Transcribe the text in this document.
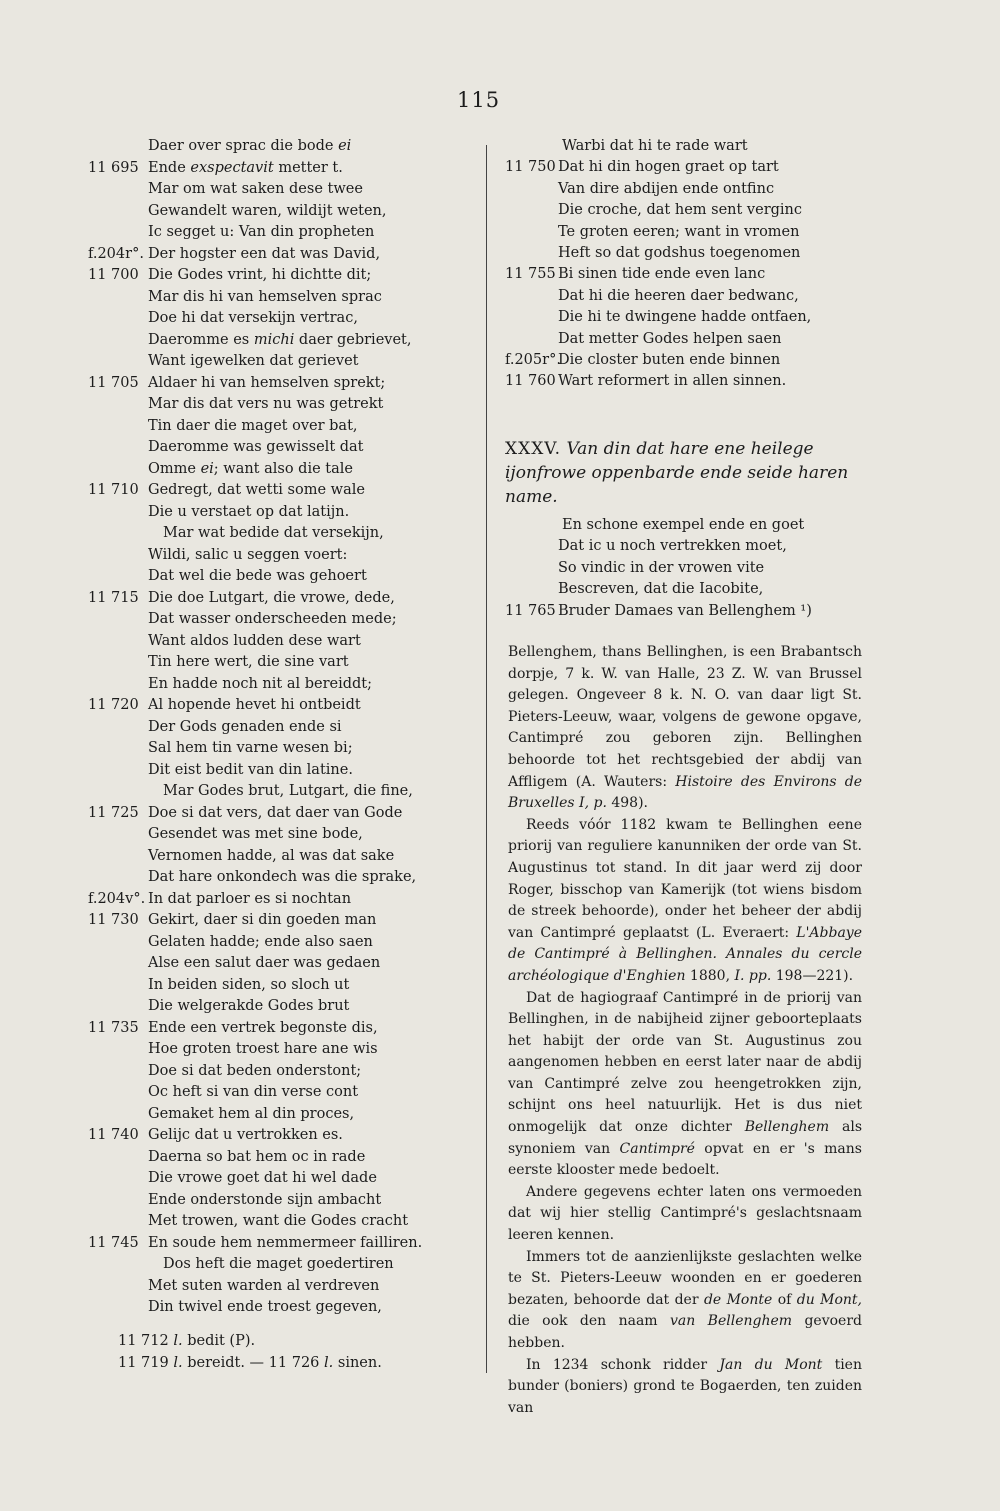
115
Daer over sprac die bode ei
11 695 Ende exspectavit metter t.
Mar om wat saken dese twee
Gewandelt waren, wildijt weten,
Ic segget u: Van din propheten
f.204r°. Der hogster een dat was David,
11 700 Die Godes vrint, hi dichtte dit;
Mar dis hi van hemselven sprac
Doe hi dat versekijn vertrac,
Daeromme es michi daer gebrievet,
Want igewelken dat gerievet
11 705 Aldaer hi van hemselven sprekt;
Mar dis dat vers nu was getrekt
Tin daer die maget over bat,
Daeromme was gewisselt dat
Omme ei; want also die tale
11 710 Gedregt, dat wetti some wale
Die u verstaet op dat latijn.
Mar wat bedide dat versekijn,
Wildi, salic u seggen voert:
Dat wel die bede was gehoert
11 715 Die doe Lutgart, die vrowe, dede,
Dat wasser onderscheeden mede;
Want aldos ludden dese wart
Tin here wert, die sine vart
En hadde noch nit al bereiddt;
11 720 Al hopende hevet hi ontbeidt
Der Gods genaden ende si
Sal hem tin varne wesen bi;
Dit eist bedit van din latine.
Mar Godes brut, Lutgart, die fine,
11 725 Doe si dat vers, dat daer van Gode
Gesendet was met sine bode,
Vernomen hadde, al was dat sake
Dat hare onkondech was die sprake,
f.204v°. In dat parloer es si nochtan
11 730 Gekirt, daer si din goeden man
Gelaten hadde; ende also saen
Alse een salut daer was gedaen
In beiden siden, so sloch ut
Die welgerakde Godes brut
11 735 Ende een vertrek begonste dis,
Hoe groten troest hare ane wis
Doe si dat beden onderstont;
Oc heft si van din verse cont
Gemaket hem al din proces,
11 740 Gelijc dat u vertrokken es.
Daerna so bat hem oc in rade
Die vrowe goet dat hi wel dade
Ende onderstonde sijn ambacht
Met trowen, want die Godes cracht
11 745 En soude hem nemmermeer failliren.
Dos heft die maget goedertiren
Met suten warden al verdreven
Din twivel ende troest gegeven,
11 712 l. bedit (P).
11 719 l. bereidt. — 11 726 l. sinen.
Warbi dat hi te rade wart
11 750 Dat hi din hogen graet op tart
Van dire abdijen ende ontfinc
Die croche, dat hem sent verginc
Te groten eeren; want in vromen
Heft so dat godshus toegenomen
11 755 Bi sinen tide ende even lanc
Dat hi die heeren daer bedwanc,
Die hi te dwingene hadde ontfaen,
Dat metter Godes helpen saen
f.205r°.
Die closter buten ende binnen
11 760 Wart reformert in allen sinnen.
XXXV. Van din dat hare ene heilege
ijonfrowe oppenbarde ende seide haren name.
En schone exempel ende en goet
Dat ic u noch vertrekken moet,
So vindic in der vrowen vite
Bescreven, dat die Iacobite,
11 765 Bruder Damaes van Bellenghem ¹)

Bellenghem, thans Bellinghen, is een Brabantsch dorpje, 7 k. W. van Halle, 23 Z. W. van Brussel gelegen. Ongeveer 8 k. N. O. van daar ligt St. Pieters-Leeuw, waar, volgens de gewone opgave, Cantimpré zou geboren zijn. Bellinghen behoorde tot het rechtsgebied der abdij van Affligem (A. Wauters: Histoire des Environs de Bruxelles I, p. 498).

Reeds vóór 1182 kwam te Bellinghen eene priorij van reguliere kanunniken der orde van St. Augustinus tot stand. In dit jaar werd zij door Roger, bisschop van Kamerijk (tot wiens bisdom de streek behoorde), onder het beheer der abdij van Cantimpré geplaatst (L. Everaert: L'Abbaye de Cantimpré à Bellinghen. Annales du cercle archéologique d'Enghien 1880, I. pp. 198—221).

Dat de hagiograaf Cantimpré in de priorij van Bellinghen, in de nabijheid zijner geboorteplaats het habijt der orde van St. Augustinus zou aangenomen hebben en eerst later naar de abdij van Cantimpré zelve zou heengetrokken zijn, schijnt ons heel natuurlijk. Het is dus niet onmogelijk dat onze dichter Bellenghem als synoniem van Cantimpré opvat en er 's mans eerste klooster mede bedoelt.

Andere gegevens echter laten ons vermoeden dat wij hier stellig Cantimpré's geslachtsnaam leeren kennen.

Immers tot de aanzienlijkste geslachten welke te St. Pieters-Leeuw woonden en er goederen bezaten, behoorde dat der de Monte of du Mont, die ook den naam van Bellenghem gevoerd hebben.

In 1234 schonk ridder Jan du Mont tien bunder (boniers) grond te Bogaerden, ten zuiden van
